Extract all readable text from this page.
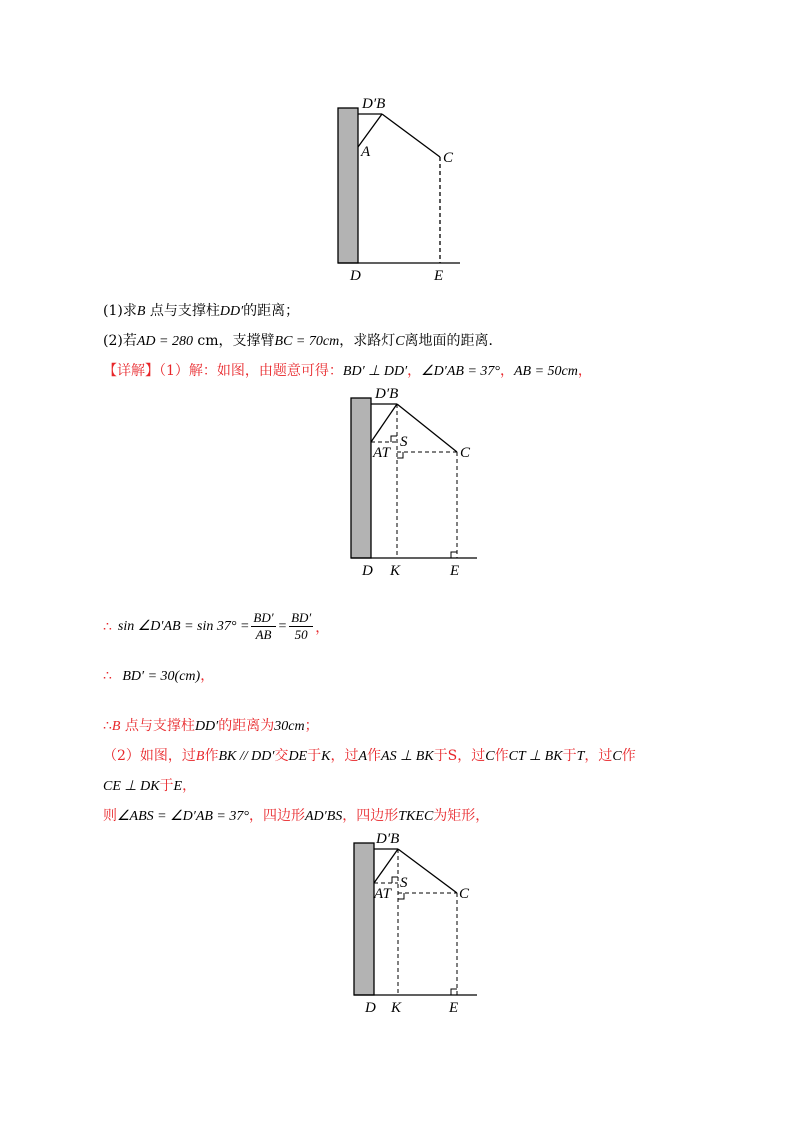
D′B
A	C
D	E
(1)求B 点与支撑柱DD′的距离；
(2)若AD = 280 cm，支撑臂BC = 70cm，求路灯C离地面的距离．
【详解】（1）解：如图，由题意可得：BD′ ⊥ DD′，∠D′AB = 37°，AB = 50cm，
D′B
AT
S
C
D K	E
∴ sin ∠D′AB = $\sin 37^\circ = \frac{BD'}{AB} = \frac{BD'}{50}$ ，
∴ BD′ = 30(cm)，
∴B 点与支撑柱DD′的距离为30cm；
（2）如图，过B作BK // DD′交DE于K，过A作AS ⊥ BK于S，过C作CT ⊥ BK于T，过C作
CE ⊥ DK于E，
则∠ABS = ∠D′AB = 37°，四边形AD′BS，四边形TKEC为矩形，
D′B
AT
S
C
D K	E
